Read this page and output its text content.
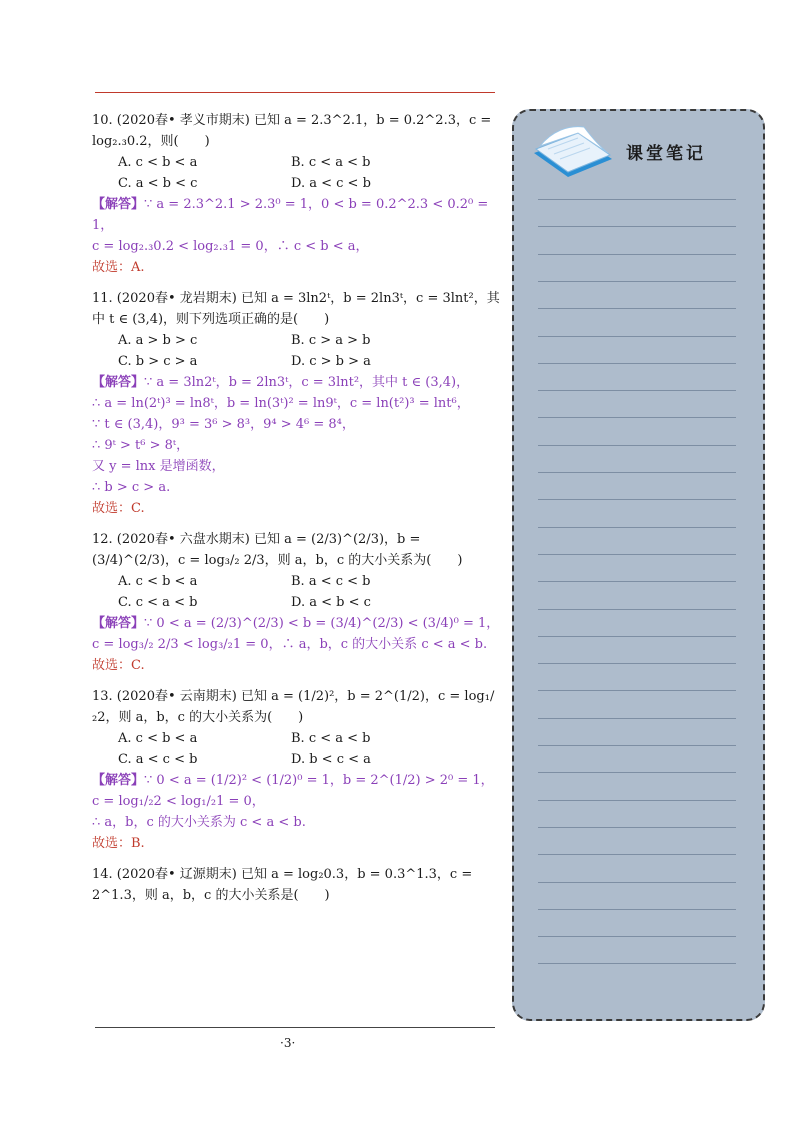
10. (2020春• 孝义市期末) 已知 a = 2.3^2.1，b = 0.2^2.3，c = log₂.₃0.2，则(　　)
A. c < b < a	B. c < a < b
C. a < b < c	D. a < c < b
【解答】∵ a = 2.3^2.1 > 2.3⁰ = 1，0 < b = 0.2^2.3 < 0.2⁰ = 1，
c = log₂.₃0.2 < log₂.₃1 = 0，∴ c < b < a，
故选：A.
11. (2020春• 龙岩期末) 已知 a = 3ln2ᵗ，b = 2ln3ᵗ，c = 3lnt²，其中 t ∈ (3,4)，则下列选项正确的是(　　)
A. a > b > c	B. c > a > b
C. b > c > a	D. c > b > a
【解答】∵ a = 3ln2ᵗ，b = 2ln3ᵗ，c = 3lnt²，其中 t ∈ (3,4)，
∴ a = ln(2ᵗ)³ = ln8ᵗ，b = ln(3ᵗ)² = ln9ᵗ，c = ln(t²)³ = lnt⁶，
∵ t ∈ (3,4)，9³ = 3⁶ > 8³，9⁴ > 4⁶ = 8⁴，
∴ 9ᵗ > t⁶ > 8ᵗ，
又 y = lnx 是增函数，
∴ b > c > a.
故选：C.
12. (2020春• 六盘水期末) 已知 a = (2/3)^(2/3)，b = (3/4)^(2/3)，c = log₃/₂ 2/3，则 a，b，c 的大小关系为(　　)
A. c < b < a	B. a < c < b
C. c < a < b	D. a < b < c
【解答】∵ 0 < a = (2/3)^(2/3) < b = (3/4)^(2/3) < (3/4)⁰ = 1，
c = log₃/₂ 2/3 < log₃/₂1 = 0，∴ a，b，c 的大小关系 c < a < b.
故选：C.
13. (2020春• 云南期末) 已知 a = (1/2)²，b = 2^(1/2)，c = log₁/₂2，则 a，b，c 的大小关系为(　　)
A. c < b < a	B. c < a < b
C. a < c < b	D. b < c < a
【解答】∵ 0 < a = (1/2)² < (1/2)⁰ = 1，b = 2^(1/2) > 2⁰ = 1，
c = log₁/₂2 < log₁/₂1 = 0，
∴ a，b，c 的大小关系为 c < a < b.
故选：B.
14. (2020春• 辽源期末) 已知 a = log₂0.3，b = 0.3^1.3，c = 2^1.3，则 a，b，c 的大小关系是(　　)
·3·
课堂笔记
